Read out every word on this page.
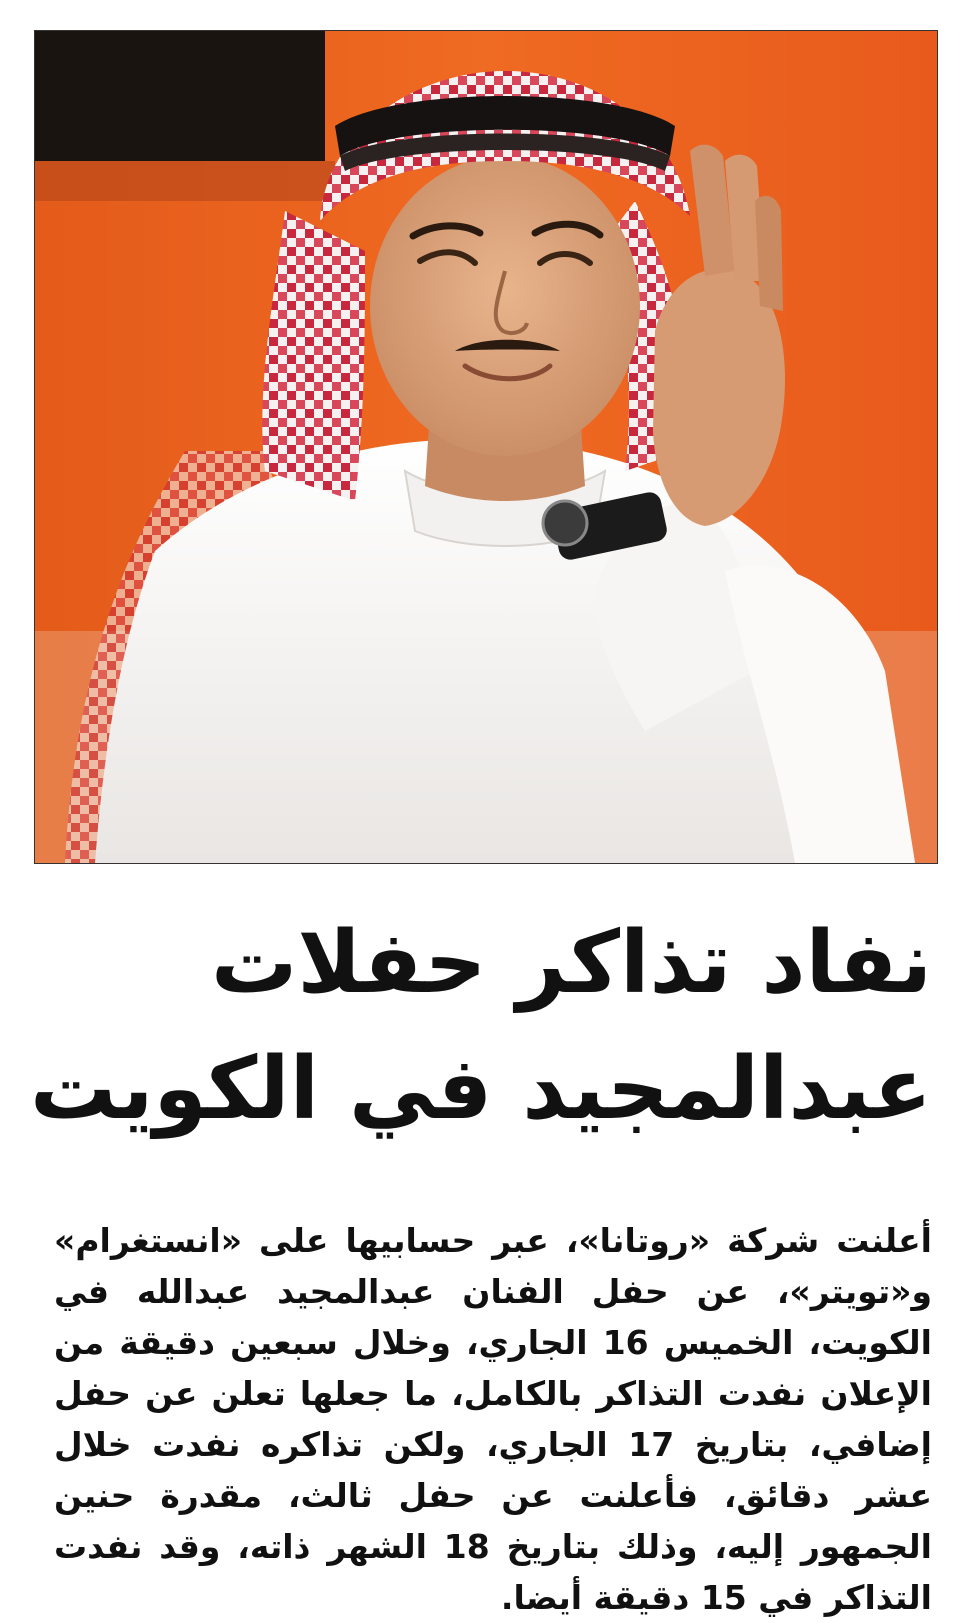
نفاد تذاكر حفلات
عبدالمجيد في الكويت
أعلنت شركة «روتانا»، عبر حسابيها على «انستغرام» و«تويتر»، عن حفل الفنان عبدالمجيد عبدالله في الكويت، الخميس 16 الجاري، وخلال سبعين دقيقة من الإعلان نفدت التذاكر بالكامل، ما جعلها تعلن عن حفل إضافي، بتاريخ 17 الجاري، ولكن تذاكره نفدت خلال عشر دقائق، فأعلنت عن حفل ثالث، مقدرة حنين الجمهور إليه، وذلك بتاريخ 18 الشهر ذاته، وقد نفدت التذاكر في 15 دقيقة أيضا.
